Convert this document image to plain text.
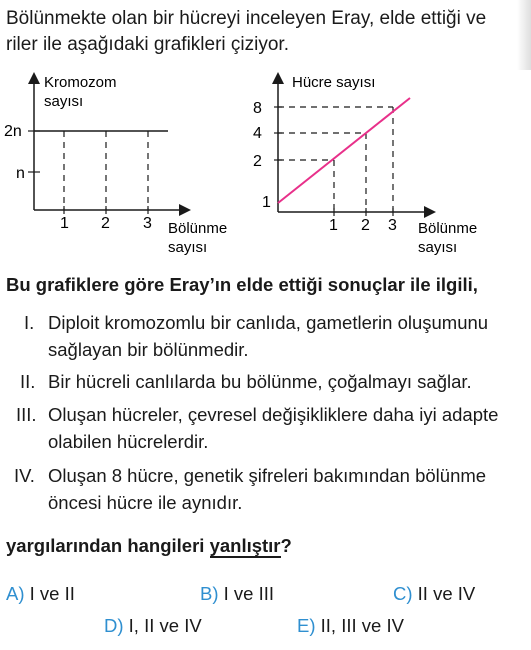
Bölünmekte olan bir hücreyi inceleyen Eray, elde ettiği ve
riler ile aşağıdaki grafikleri çiziyor.
Kromozom
sayısı
2n
n
1 2 3 Bölünme
sayısı
Hücre sayısı
8
4
2
1
1 2 3 Bölünme
sayısı
Bu grafiklere göre Eray’ın elde ettiği sonuçlar ile ilgili,
I. Diploit kromozomlu bir canlıda, gametlerin oluşumunu
sağlayan bir bölünmedir.
II. Bir hücreli canlılarda bu bölünme, çoğalmayı sağlar.
III. Oluşan hücreler, çevresel değişikliklere daha iyi adapte
olabilen hücrelerdir.
IV. Oluşan 8 hücre, genetik şifreleri bakımından bölünme
öncesi hücre ile aynıdır.
yargılarından hangileri yanlıştır?
A) I ve II	B) I ve III	C) II ve IV
D) I, II ve IV	E) II, III ve IV
